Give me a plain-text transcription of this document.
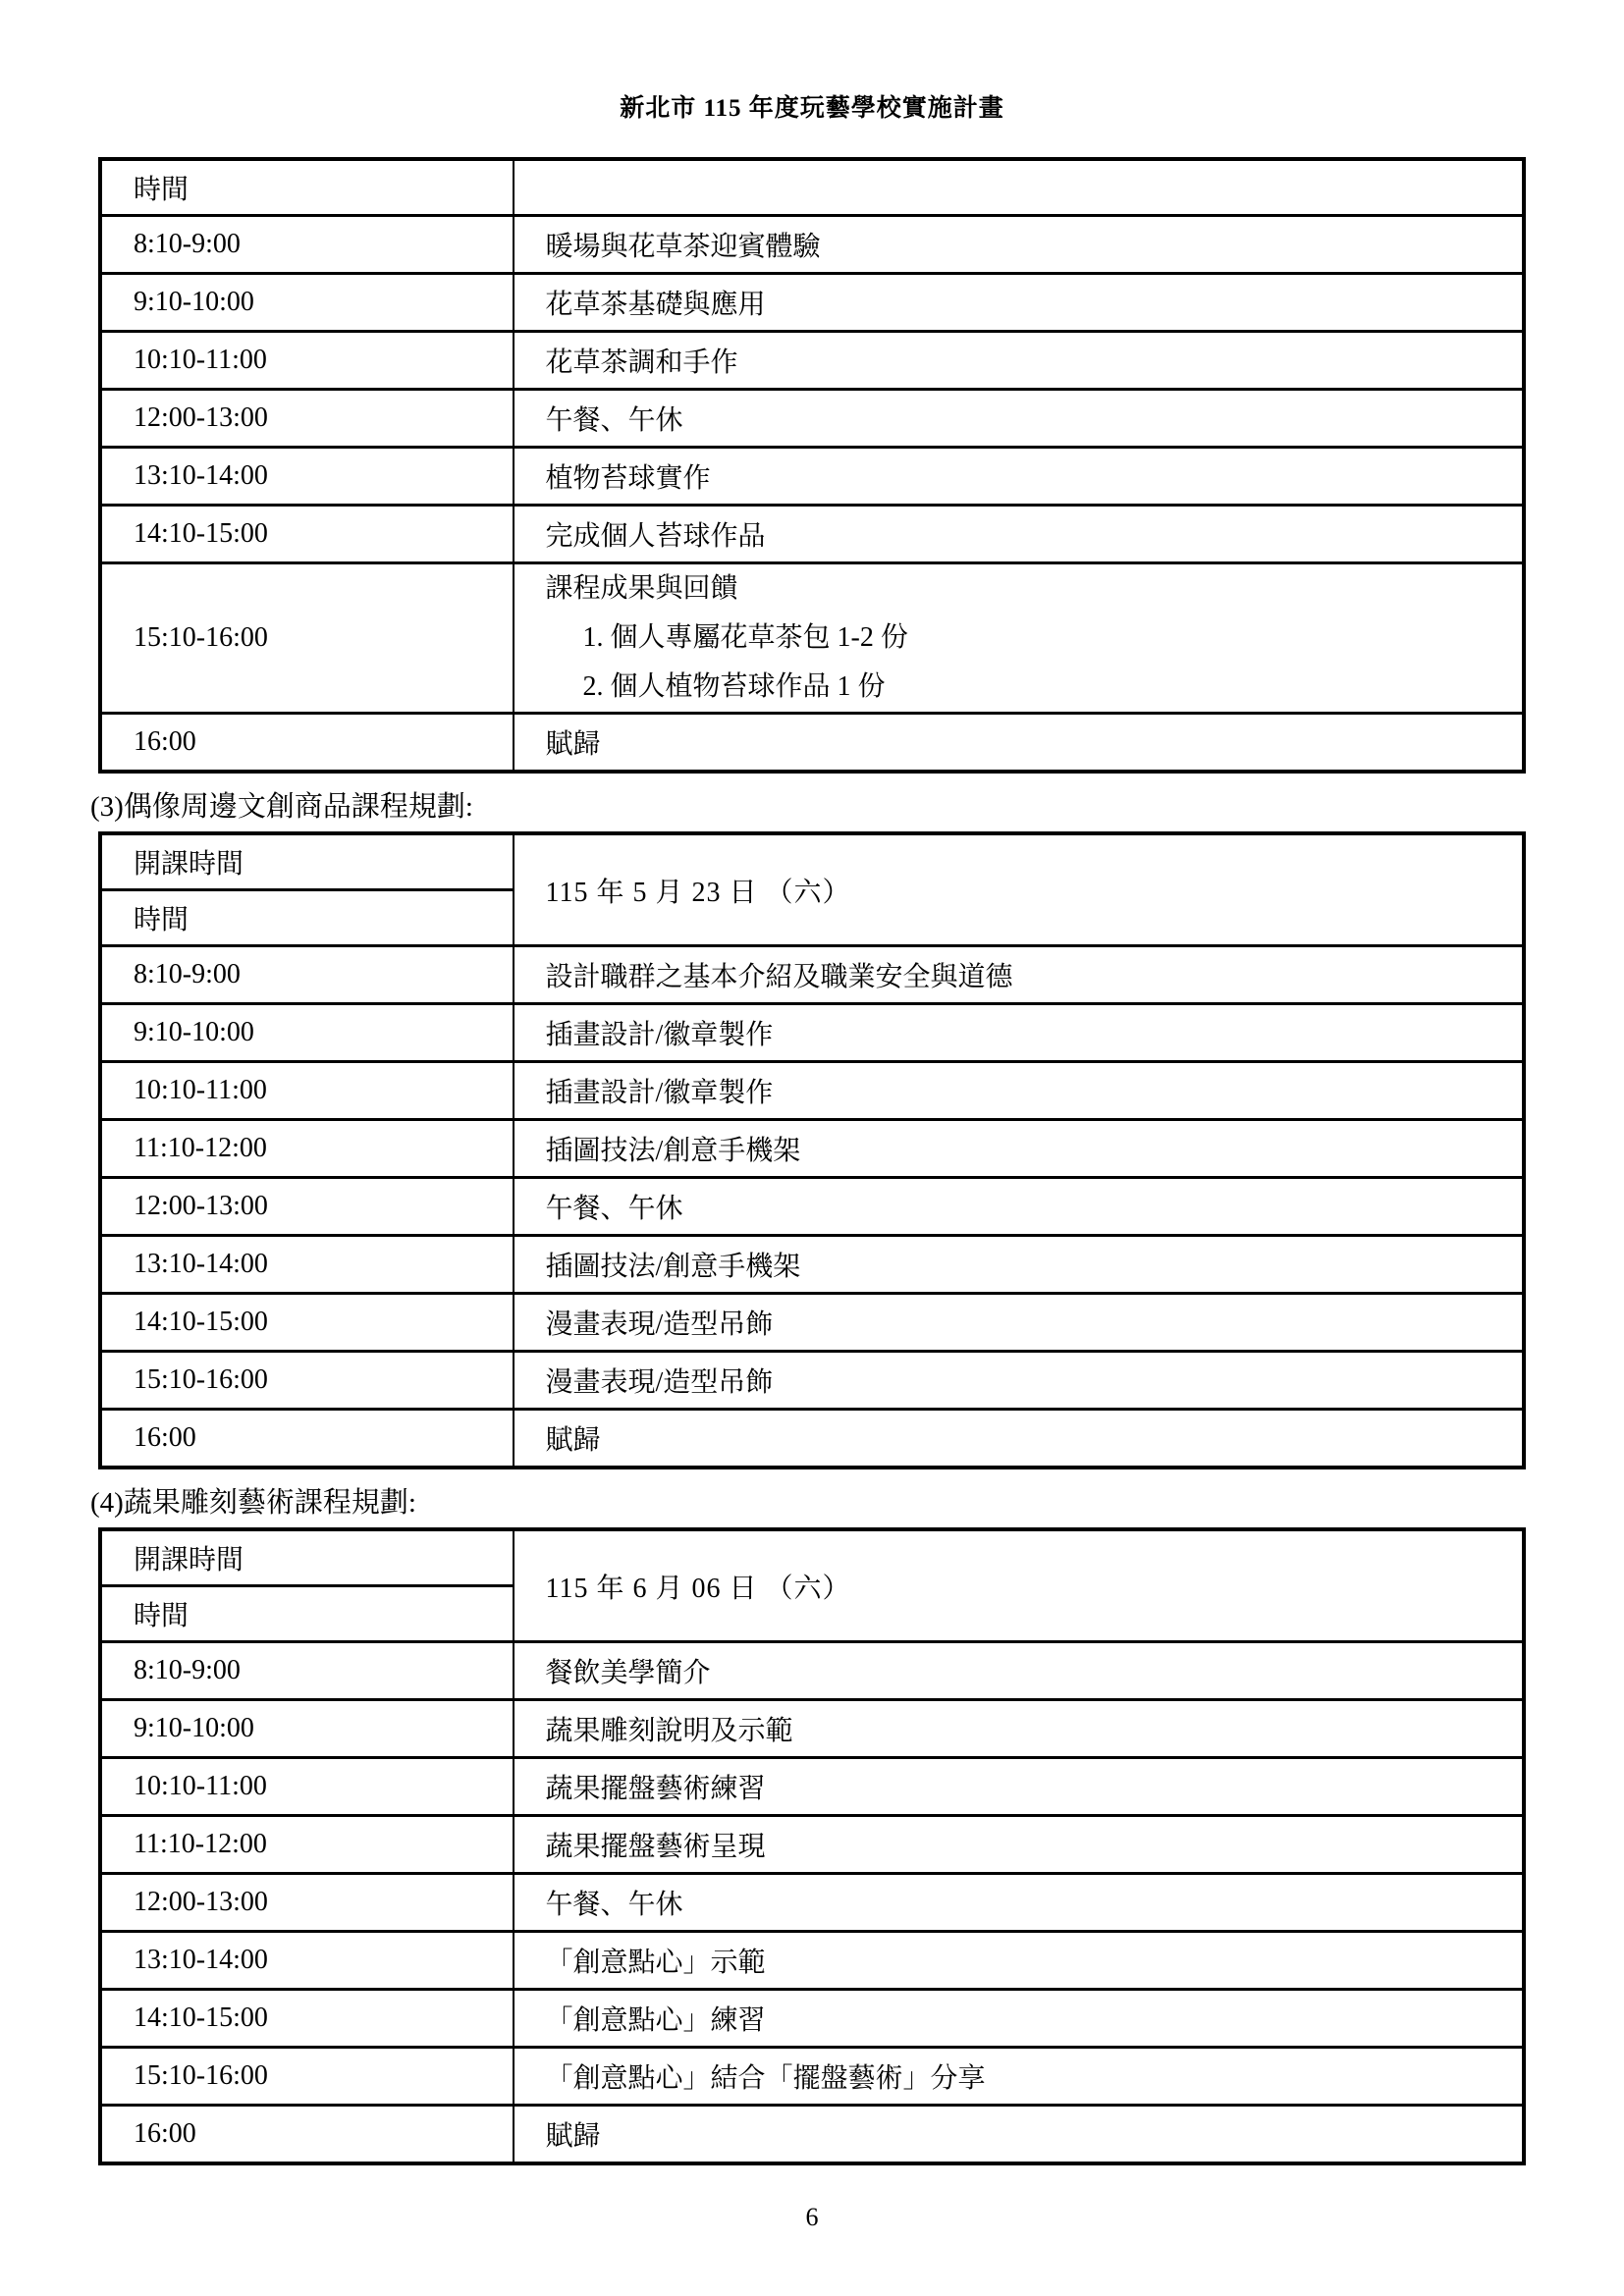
新北市 115 年度玩藝學校實施計畫
時間	
8:10-9:00	暖場與花草茶迎賓體驗
9:10-10:00	花草茶基礎與應用
10:10-11:00	花草茶調和手作
12:00-13:00	午餐、午休
13:10-14:00	植物苔球實作
14:10-15:00	完成個人苔球作品
15:10-16:00	課程成果與回饋
1. 個人專屬花草茶包 1-2 份
2. 個人植物苔球作品 1 份

16:00	賦歸
(3)偶像周邊文創商品課程規劃:
開課時間	115 年 5 月 23 日 （六）
時間	
8:10-9:00	設計職群之基本介紹及職業安全與道德
9:10-10:00	插畫設計/徽章製作
10:10-11:00	插畫設計/徽章製作
11:10-12:00	插圖技法/創意手機架
12:00-13:00	午餐、午休
13:10-14:00	插圖技法/創意手機架
14:10-15:00	漫畫表現/造型吊飾
15:10-16:00	漫畫表現/造型吊飾
16:00	賦歸
(4)蔬果雕刻藝術課程規劃:
開課時間	115 年 6 月 06 日 （六）
時間	
8:10-9:00	餐飲美學簡介
9:10-10:00	蔬果雕刻說明及示範
10:10-11:00	蔬果擺盤藝術練習
11:10-12:00	蔬果擺盤藝術呈現
12:00-13:00	午餐、午休
13:10-14:00	「創意點心」示範
14:10-15:00	「創意點心」練習
15:10-16:00	「創意點心」結合「擺盤藝術」分享
16:00	賦歸
6
